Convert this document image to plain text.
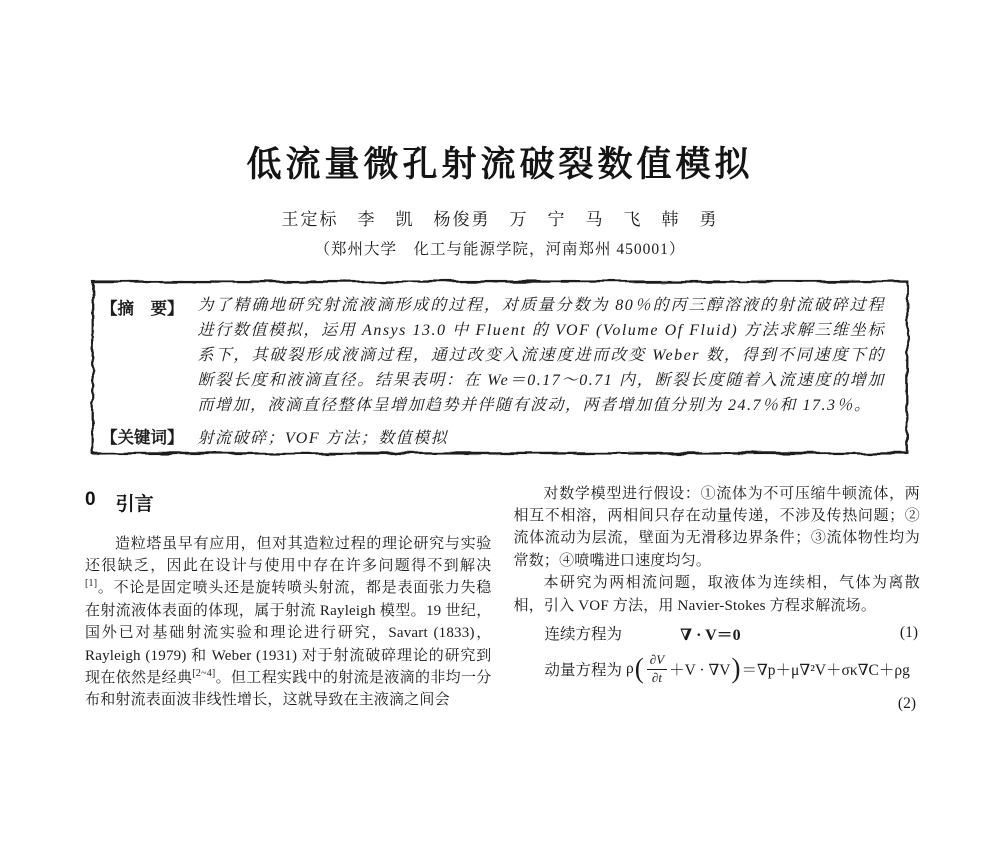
低流量微孔射流破裂数值模拟
王定标　李　凯　杨俊勇　万　宁　马　飞　韩　勇
（郑州大学　化工与能源学院，河南郑州 450001）
【摘　要】 为了精确地研究射流液滴形成的过程，对质量分数为 80％的丙三醇溶液的射流破碎过程进行数值模拟，运用 Ansys 13.0 中 Fluent 的 VOF (Volume Of Fluid) 方法求解三维坐标系下，其破裂形成液滴过程，通过改变入流速度进而改变 Weber 数，得到不同速度下的断裂长度和液滴直径。结果表明：在 We＝0.17～0.71 内，断裂长度随着入流速度的增加而增加，液滴直径整体呈增加趋势并伴随有波动，两者增加值分别为 24.7％和 17.3％。
【关键词】 射流破碎；VOF 方法；数值模拟
0 引言

造粒塔虽早有应用，但对其造粒过程的理论研究与实验还很缺乏，因此在设计与使用中存在许多问题得不到解决[1]。不论是固定喷头还是旋转喷头射流，都是表面张力失稳在射流液体表面的体现，属于射流 Rayleigh 模型。19 世纪，国外已对基础射流实验和理论进行研究，Savart (1833)，Rayleigh (1979) 和 Weber (1931) 对于射流破碎理论的研究到现在依然是经典[2~4]。但工程实践中的射流是液滴的非均一分布和射流表面波非线性增长，这就导致在主液滴之间会

对数学模型进行假设：①流体为不可压缩牛顿流体，两相互不相溶，两相间只存在动量传递，不涉及传热问题；②流体流动为层流，壁面为无滑移边界条件；③流体物性均为常数；④喷嘴进口速度均匀。

本研究为两相流问题，取液体为连续相，气体为离散相，引入 VOF 方法，用 Navier-Stokes 方程求解流场。

连续方程为	∇ · V＝0	(1)
动量方程为 ρ ( $\frac{\partial V}{\partial t} +V \cdot \nabla V$ ) ＝∇p＋μ∇²V＋σκ∇C＋ρg
(2)
